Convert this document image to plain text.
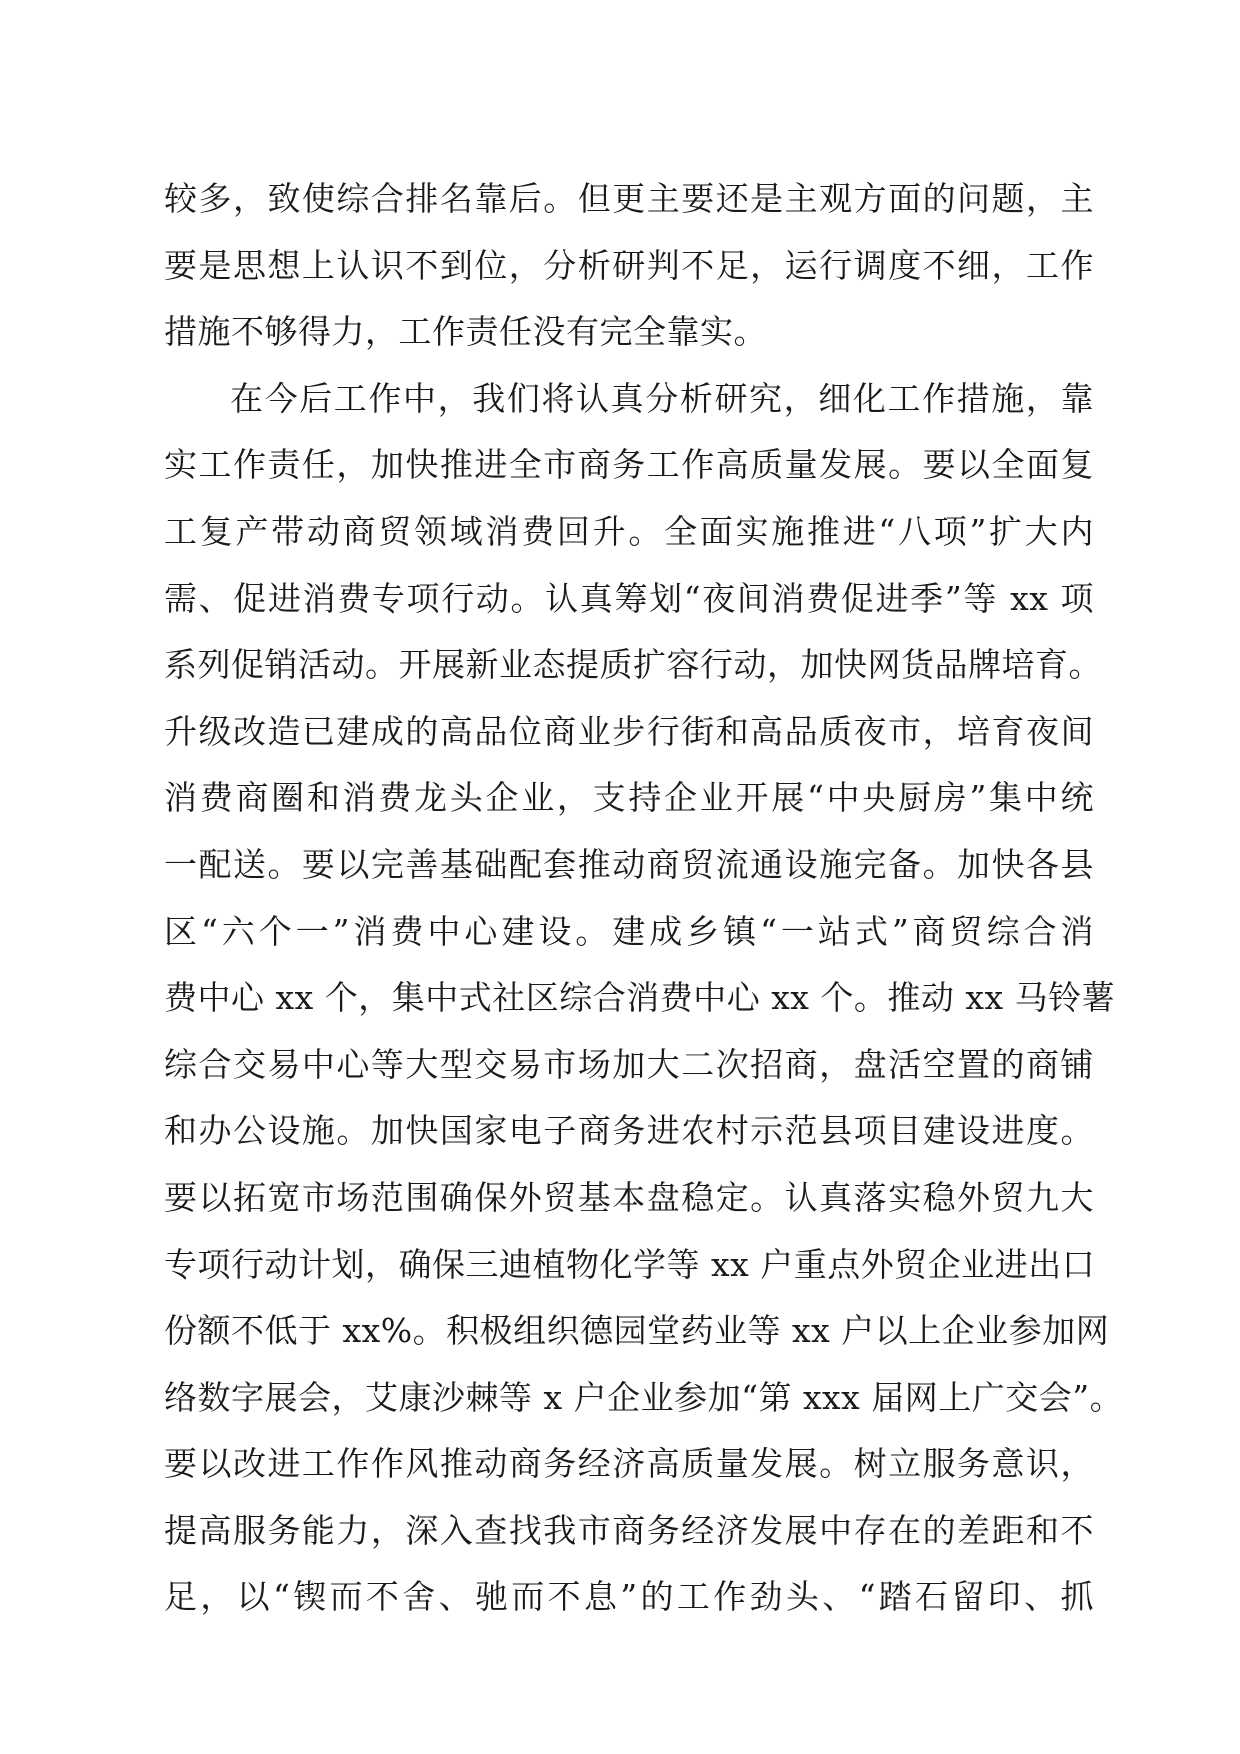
较多，致使综合排名靠后。但更主要还是主观方面的问题，主
要是思想上认识不到位，分析研判不足，运行调度不细，工作
措施不够得力，工作责任没有完全靠实。
在今后工作中，我们将认真分析研究，细化工作措施，靠
实工作责任，加快推进全市商务工作高质量发展。要以全面复
工复产带动商贸领域消费回升。全面实施推进“八项”扩大内
需、促进消费专项行动。认真筹划“夜间消费促进季”等 xx 项
系列促销活动。开展新业态提质扩容行动，加快网货品牌培育。
升级改造已建成的高品位商业步行街和高品质夜市，培育夜间
消费商圈和消费龙头企业，支持企业开展“中央厨房”集中统
一配送。要以完善基础配套推动商贸流通设施完备。加快各县
区“六个一”消费中心建设。建成乡镇“一站式”商贸综合消
费中心 xx 个，集中式社区综合消费中心 xx 个。推动 xx 马铃薯
综合交易中心等大型交易市场加大二次招商，盘活空置的商铺
和办公设施。加快国家电子商务进农村示范县项目建设进度。
要以拓宽市场范围确保外贸基本盘稳定。认真落实稳外贸九大
专项行动计划，确保三迪植物化学等 xx 户重点外贸企业进出口
份额不低于 xx%。积极组织德园堂药业等 xx 户以上企业参加网
络数字展会，艾康沙棘等 x 户企业参加“第 xxx 届网上广交会”。
要以改进工作作风推动商务经济高质量发展。树立服务意识，
提高服务能力，深入查找我市商务经济发展中存在的差距和不
足，以“锲而不舍、驰而不息”的工作劲头、“踏石留印、抓
